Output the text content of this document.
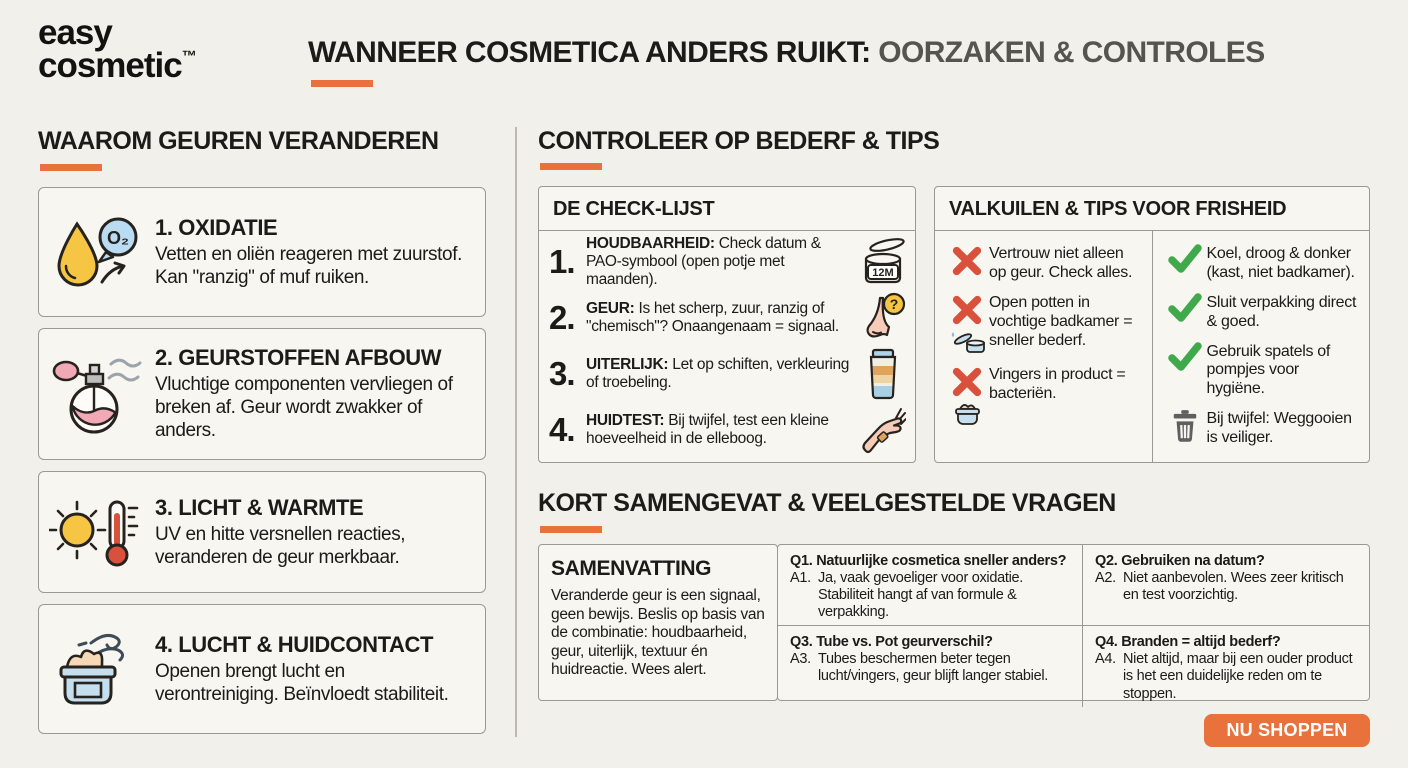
easy
cosmetic™	WANNEER COSMETICA ANDERS RUIKT: OORZAKEN & CONTROLES
WAAROM GEUREN VERANDEREN
O₂ 1. OXIDATIE
Vetten en oliën reageren met zuurstof. Kan "ranzig" of muf ruiken.
2. GEURSTOFFEN AFBOUW
Vluchtige componenten vervliegen of breken af. Geur wordt zwakker of anders.
3. LICHT & WARMTE
UV en hitte versnellen reacties, veranderen de geur merkbaar.
4. LUCHT & HUIDCONTACT
Openen brengt lucht en verontreiniging. Beïnvloedt stabiliteit.
CONTROLEER OP BEDERF & TIPS
DE CHECK-LIJST
1. HOUDBAARHEID: Check datum & PAO-symbool (open potje met maanden).	12M
2. GEUR: Is het scherp, zuur, ranzig of "chemisch"? Onaangenaam = signaal.
?
3. UITERLIJK: Let op schiften, verkleuring of troebeling.
4. HUIDTEST: Bij twijfel, test een kleine hoeveelheid in de elleboog.
VALKUILEN & TIPS VOOR FRISHEID
Vertrouw niet alleen op geur. Check alles.
Open potten in vochtige badkamer = sneller bederf.
Vingers in product = bacteriën.
Koel, droog & donker (kast, niet badkamer).
Sluit verpakking direct & goed.
Gebruik spatels of pompjes voor hygiëne.
Bij twijfel: Weggooien is veiliger.
KORT SAMENGEVAT & VEELGESTELDE VRAGEN
SAMENVATTING
Veranderde geur is een signaal, geen bewijs. Beslis op basis van de combinatie: houdbaarheid, geur, uiterlijk, textuur én huidreactie. Wees alert.
Q1. Natuurlijke cosmetica sneller anders?
A1. Ja, vaak gevoeliger voor oxidatie. Stabiliteit hangt af van formule & verpakking.
Q2. Gebruiken na datum?
A2. Niet aanbevolen. Wees zeer kritisch en test voorzichtig.
Q3. Tube vs. Pot geurverschil?
A3. Tubes beschermen beter tegen lucht/vingers, geur blijft langer stabiel.
Q4. Branden = altijd bederf?
A4. Niet altijd, maar bij een ouder product is het een duidelijke reden om te stoppen.
NU SHOPPEN
